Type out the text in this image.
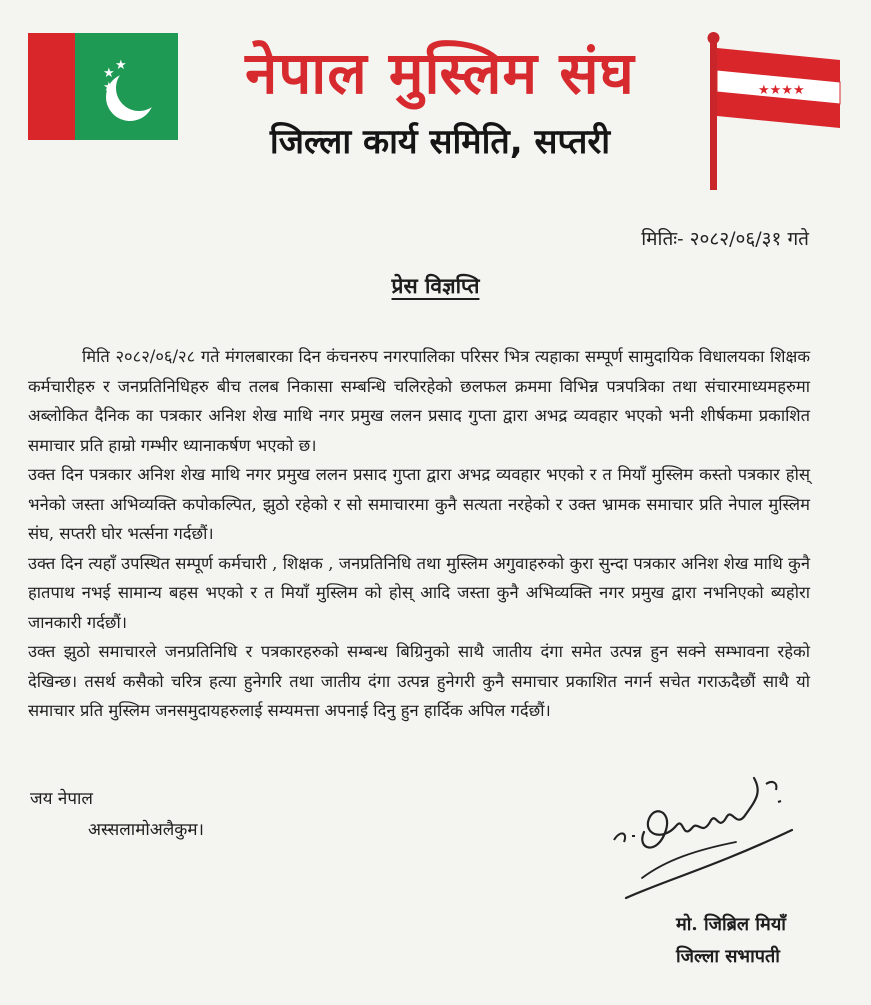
★
★
★	नेपाल मुस्लिम संघ
जिल्ला कार्य समिति, सप्तरी
★★★★
मितिः- २०८२/०६/३१ गते
प्रेस विज्ञप्ति

मिति २०८२/०६/२८ गते मंगलबारका दिन कंचनरुप नगरपालिका परिसर भित्र त्यहाका सम्पूर्ण सामुदायिक विधालयका शिक्षक कर्मचारीहरु र जनप्रतिनिधिहरु बीच तलब निकासा सम्बन्धि चलिरहेको छलफल क्रममा विभिन्न पत्रपत्रिका तथा संचारमाध्यमहरुमा अब्लोकित दैनिक का पत्रकार अनिश शेख माथि नगर प्रमुख ललन प्रसाद गुप्ता द्वारा अभद्र व्यवहार भएको भनी शीर्षकमा प्रकाशित समाचार प्रति हाम्रो गम्भीर ध्यानाकर्षण भएको छ।

उक्त दिन पत्रकार अनिश शेख माथि नगर प्रमुख ललन प्रसाद गुप्ता द्वारा अभद्र व्यवहार भएको र त मियाँ मुस्लिम कस्तो पत्रकार होस् भनेको जस्ता अभिव्यक्ति कपोकल्पित, झुठो रहेको र सो समाचारमा कुनै सत्यता नरहेको र उक्त भ्रामक समाचार प्रति नेपाल मुस्लिम संघ, सप्तरी घोर भर्त्सना गर्दछौं।

उक्त दिन त्यहाँ उपस्थित सम्पूर्ण कर्मचारी , शिक्षक , जनप्रतिनिधि तथा मुस्लिम अगुवाहरुको कुरा सुन्दा पत्रकार अनिश शेख माथि कुनै हातपाथ नभई सामान्य बहस भएको र त मियाँ मुस्लिम को होस् आदि जस्ता कुनै अभिव्यक्ति नगर प्रमुख द्वारा नभनिएको ब्यहोरा जानकारी गर्दछौं।

उक्त झुठो समाचारले जनप्रतिनिधि र पत्रकारहरुको सम्बन्ध बिग्रिनुको साथै जातीय दंगा समेत उत्पन्न हुन सक्ने सम्भावना रहेको देखिन्छ। तसर्थ कसैको चरित्र हत्या हुनेगरि तथा जातीय दंगा उत्पन्न हुनेगरी कुनै समाचार प्रकाशित नगर्न सचेत गराऊदैछौं साथै यो समाचार प्रति मुस्लिम जनसमुदायहरुलाई सम्यमत्ता अपनाई दिनु हुन हार्दिक अपिल गर्दछौं।

जय नेपाल
अस्सलामोअलैकुम।
मो. जिब्रिल मियाँ
जिल्ला सभापती
